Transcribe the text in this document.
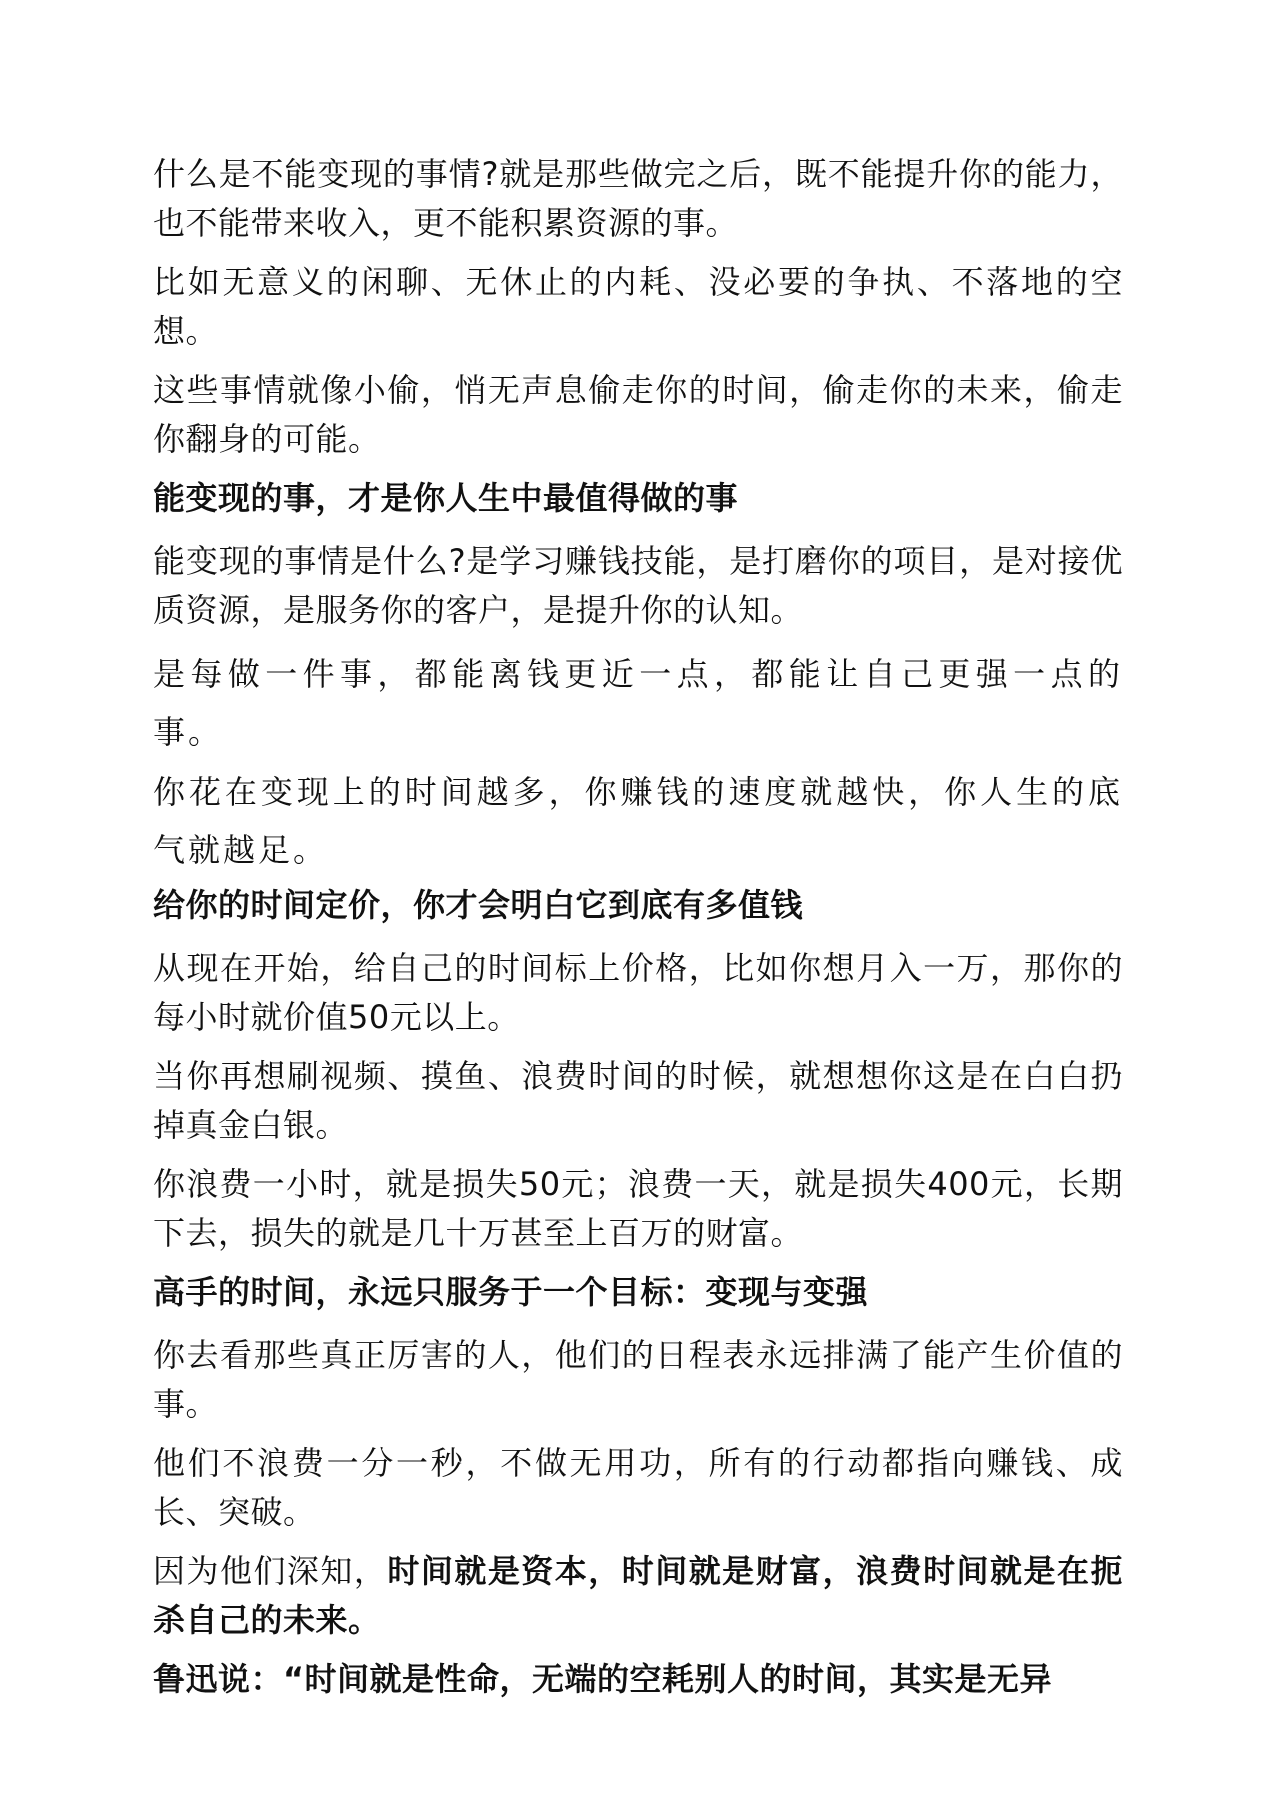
什么是不能变现的事情?就是那些做完之后，既不能提升你的能力，也不能带来收入，更不能积累资源的事。

比如无意义的闲聊、无休止的内耗、没必要的争执、不落地的空想。

这些事情就像小偷，悄无声息偷走你的时间，偷走你的未来，偷走你翻身的可能。

能变现的事，才是你人生中最值得做的事

能变现的事情是什么?是学习赚钱技能，是打磨你的项目，是对接优质资源，是服务你的客户，是提升你的认知。

是每做一件事，都能离钱更近一点，都能让自己更强一点的事。

你花在变现上的时间越多，你赚钱的速度就越快，你人生的底气就越足。

给你的时间定价，你才会明白它到底有多值钱

从现在开始，给自己的时间标上价格，比如你想月入一万，那你的每小时就价值50元以上。

当你再想刷视频、摸鱼、浪费时间的时候，就想想你这是在白白扔掉真金白银。

你浪费一小时，就是损失50元；浪费一天，就是损失400元，长期下去，损失的就是几十万甚至上百万的财富。

高手的时间，永远只服务于一个目标：变现与变强

你去看那些真正厉害的人，他们的日程表永远排满了能产生价值的事。

他们不浪费一分一秒，不做无用功，所有的行动都指向赚钱、成长、突破。

因为他们深知，时间就是资本，时间就是财富，浪费时间就是在扼杀自己的未来。

鲁迅说：“时间就是性命，无端的空耗别人的时间，其实是无异
